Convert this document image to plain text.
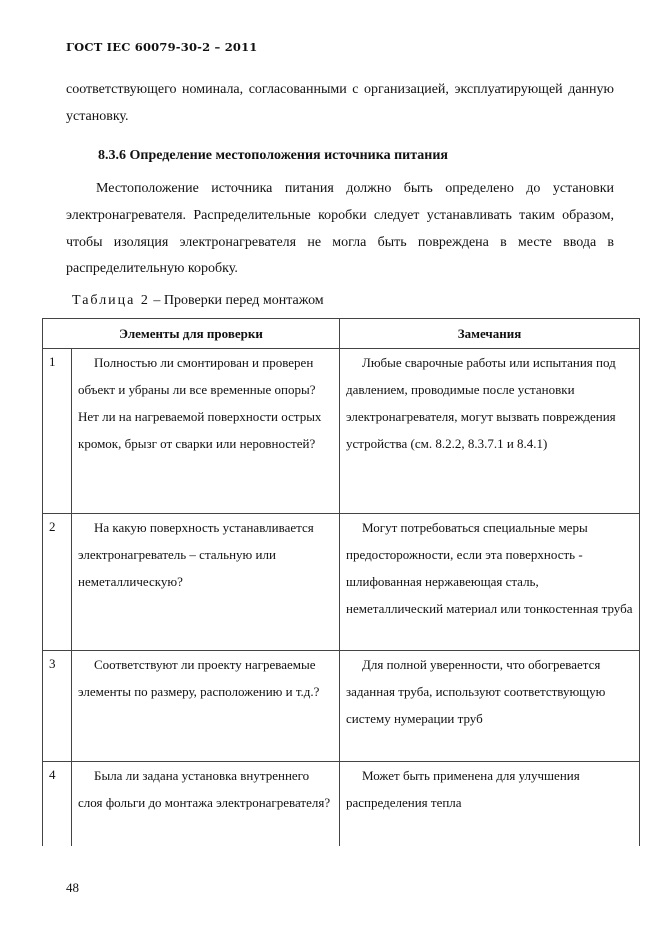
ГОСТ IEC 60079-30-2 – 2011
соответствующего номинала, согласованными с организацией, эксплуатирующей данную установку.
8.3.6 Определение местоположения источника питания
Местоположение источника питания должно быть определено до установки электронагревателя. Распределительные коробки следует устанавливать таким образом, чтобы изоляция электронагревателя не могла быть повреждена в месте ввода в распределительную коробку.
Таблица 2 – Проверки перед монтажом
Элементы для проверки		Замечания
1	Полностью ли смонтирован и проверен объект и убраны ли все временные опоры? Нет ли на нагреваемой поверхности острых кромок, брызг от сварки или неровностей?	Любые сварочные работы или испытания под давлением, проводимые после установки электронагревателя, могут вызвать повреждения устройства (см. 8.2.2, 8.3.7.1 и 8.4.1)

2	На какую поверхность устанавливается электронагреватель – стальную или неметаллическую?	Могут потребоваться специальные меры предосторожности, если эта поверхность - шлифованная нержавеющая сталь, неметаллический материал или тонкостенная труба

3	Соответствуют ли проекту нагреваемые элементы по размеру, расположению и т.д.?	Для полной уверенности, что обогревается заданная труба, используют соответствующую систему нумерации труб

4	Была ли задана установка внутреннего слоя фольги до монтажа электронагревателя?	Может быть применена для улучшения распределения тепла
48
